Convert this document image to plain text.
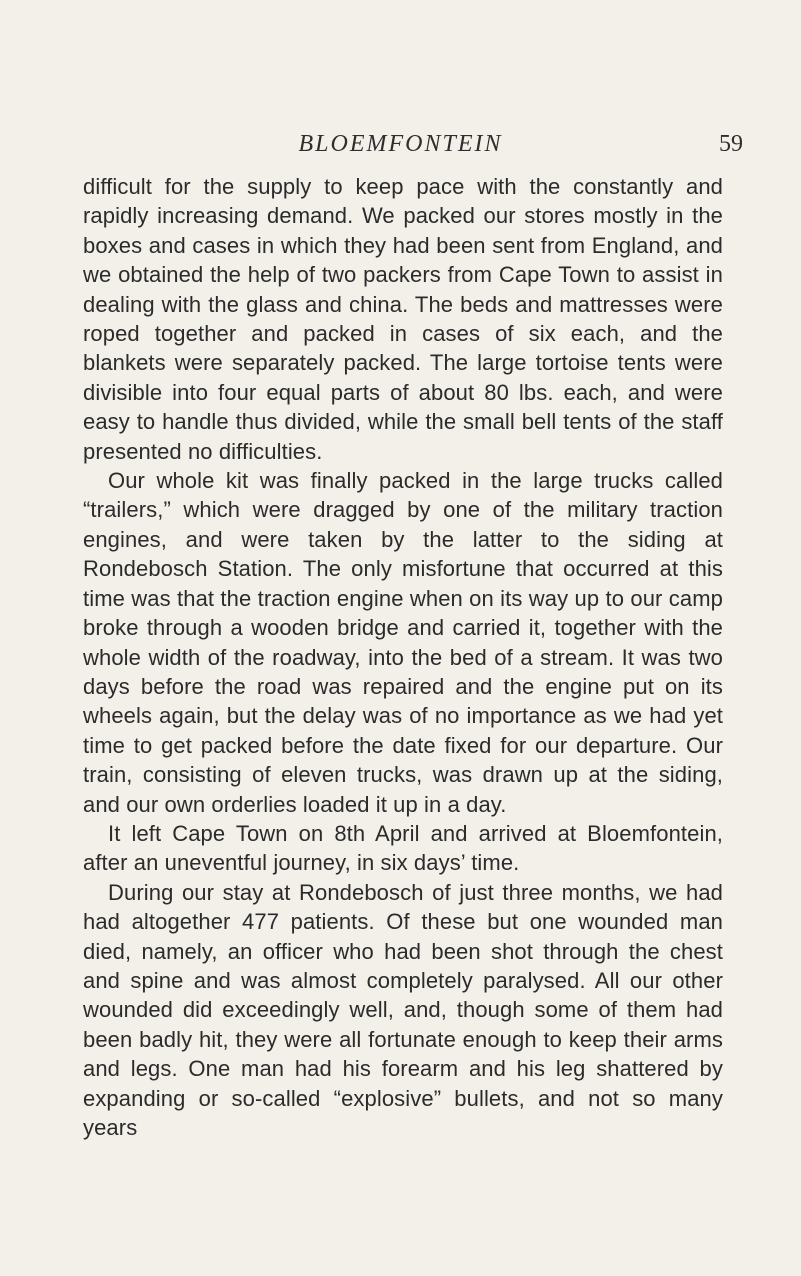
BLOEMFONTEIN	59

difficult for the supply to keep pace with the constantly and rapidly increasing demand. We packed our stores mostly in the boxes and cases in which they had been sent from England, and we obtained the help of two packers from Cape Town to assist in dealing with the glass and china. The beds and mattresses were roped together and packed in cases of six each, and the blankets were separately packed. The large tortoise tents were divisible into four equal parts of about 80 lbs. each, and were easy to handle thus divided, while the small bell tents of the staff presented no difficulties.

Our whole kit was finally packed in the large trucks called “trailers,” which were dragged by one of the military traction engines, and were taken by the latter to the siding at Rondebosch Station. The only misfortune that occurred at this time was that the traction engine when on its way up to our camp broke through a wooden bridge and carried it, together with the whole width of the roadway, into the bed of a stream. It was two days before the road was repaired and the engine put on its wheels again, but the delay was of no importance as we had yet time to get packed before the date fixed for our departure. Our train, consisting of eleven trucks, was drawn up at the siding, and our own orderlies loaded it up in a day.

It left Cape Town on 8th April and arrived at Bloemfontein, after an uneventful journey, in six days’ time.

During our stay at Rondebosch of just three months, we had had altogether 477 patients. Of these but one wounded man died, namely, an officer who had been shot through the chest and spine and was almost completely paralysed. All our other wounded did exceedingly well, and, though some of them had been badly hit, they were all fortunate enough to keep their arms and legs. One man had his forearm and his leg shattered by expanding or so-called “explosive” bullets, and not so many years
